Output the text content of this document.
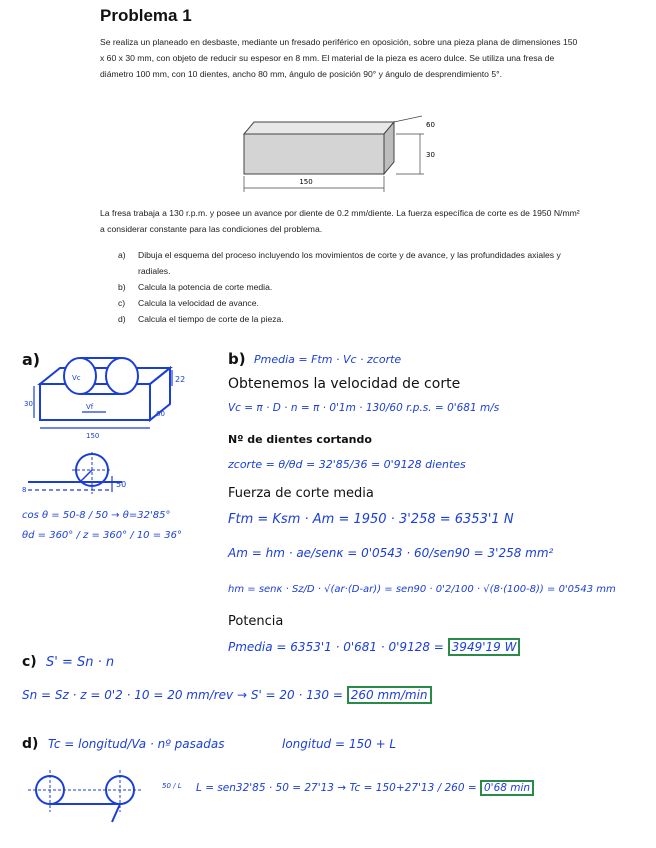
Problema 1
Se realiza un planeado en desbaste, mediante un fresado periférico en oposición, sobre una pieza plana de dimensiones 150 x 60 x 30 mm, con objeto de reducir su espesor en 8 mm. El material de la pieza es acero dulce. Se utiliza una fresa de diámetro 100 mm, con 10 dientes, ancho 80 mm, ángulo de posición 90° y ángulo de desprendimiento 5°.
150
30
60
La fresa trabaja a 130 r.p.m. y posee un avance por diente de 0.2 mm/diente. La fuerza específica de corte es de 1950 N/mm² a considerar constante para las condiciones del problema.
a)	Dibuja el esquema del proceso incluyendo los movimientos de corte y de avance, y las profundidades axiales y radiales.
b)	Calcula la potencia de corte media.
c)	Calcula la velocidad de avance.
d)	Calcula el tiempo de corte de la pieza.
a)
22
30
60
150
Vc
Vf
50
8
cos θ = 50-8 / 50 → θ=32'85°
θd = 360° / z = 360° / 10 = 36°
b) Pmedia = Ftm · Vc · zcorte
Obtenemos la velocidad de corte
Vc = π · D · n = π · 0'1m · 130/60 r.p.s. = 0'681 m/s
Nº de dientes cortando
zcorte = θ/θd = 32'85/36 = 0'9128 dientes
Fuerza de corte media
Ftm = Ksm · Am = 1950 · 3'258 = 6353'1 N
Am = hm · ae/senκ = 0'0543 · 60/sen90 = 3'258 mm²
hm = senκ · Sz/D · √(ar·(D-ar)) = sen90 · 0'2/100 · √(8·(100-8)) = 0'0543 mm
Potencia
Pmedia = 6353'1 · 0'681 · 0'9128 = 3949'19 W
c) S' = Sn · n
Sn = Sz · z = 0'2 · 10 = 20 mm/rev → S' = 20 · 130 = 260 mm/min
d) Tc = longitud/Va · nº pasadas	longitud = 150 + L
50 / L L = sen32'85 · 50 = 27'13 → Tc = 150+27'13 / 260 = 0'68 min
